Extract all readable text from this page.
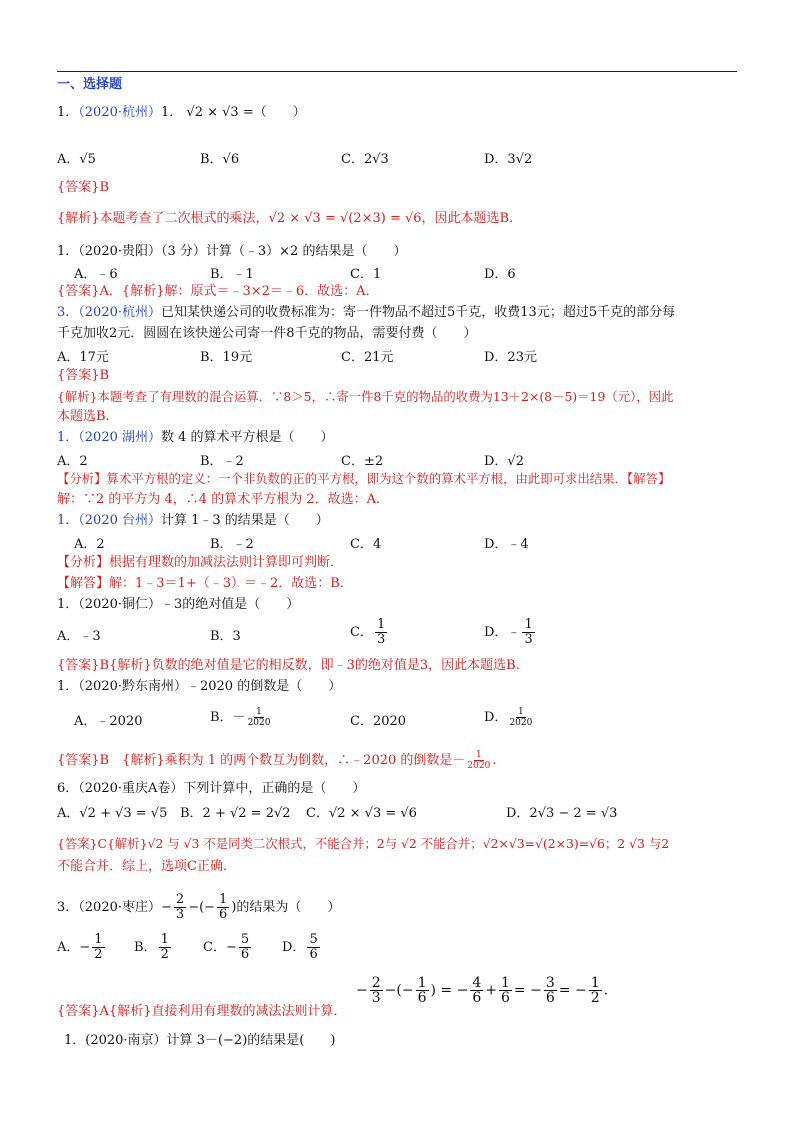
一、选择题
1．（2020·杭州）1． √2 × √3 =（　　）
A．√5	B．√6	C．2√3	D．3√2
{答案}B
{解析}本题考查了二次根式的乘法，√2 × √3 = √(2×3) = √6，因此本题选B.
1．（2020·贵阳）（3 分）计算（﹣3）×2 的结果是（　　）
A．﹣6	B．﹣1	C．1	D．6
{答案}A．{解析}解：原式＝﹣3×2＝﹣6．故选：A．
3．（2020·杭州）已知某快递公司的收费标准为：寄一件物品不超过5千克，收费13元；超过5千克的部分每
千克加收2元．圆圆在该快递公司寄一件8千克的物品，需要付费（　　）
A．17元	B．19元	C．21元	D．23元
{答案}B
{解析}本题考查了有理数的混合运算．∵8＞5，∴寄一件8千克的物品的收费为13＋2×(8－5)＝19（元），因此
本题选B.
1．（2020 湖州）数 4 的算术平方根是（　　）
A．2	B．﹣2	C．±2	D．√2
【分析】算术平方根的定义：一个非负数的正的平方根，即为这个数的算术平方根，由此即可求出结果．【解答】
解：∵2 的平方为 4，∴4 的算术平方根为 2．故选：A．
1．（2020 台州）计算 1﹣3 的结果是（　　）
A．2	B．﹣2	C．4	D．﹣4
【分析】根据有理数的加减法法则计算即可判断．
【解答】解：1﹣3＝1+（﹣3）＝﹣2．故选：B．
1．（2020·铜仁）﹣3的绝对值是（　　）
A．﹣3	B．3	C． $\frac{1}{3}$	D．﹣ $\frac{1}{3}$
{答案}B{解析}负数的绝对值是它的相反数，即﹣3的绝对值是3，因此本题选B.
1．（2020·黔东南州）﹣2020 的倒数是（　　）
A．﹣2020	B．－ $\frac{1}{2020}$	C．2020	D． $\frac{1}{2020}$
{答案}B　{解析}乘积为 1 的两个数互为倒数，∴﹣2020 的倒数是－ $\frac{1}{2020}$ .
6．（2020·重庆A卷）下列计算中，正确的是（　　）
A．√2 + √3 = √5 B．2 + √2 = 2√2 C．√2 × √3 = √6	D．2√3 − 2 = √3
{答案}C{解析}√2 与 √3 不是同类二次根式，不能合并；2与 √2 不能合并；√2×√3=√(2×3)=√6；2 √3 与2
不能合并．综上，选项C正确．
3．（2020·枣庄）− $\frac{2}{3}$ −(− $\frac{1}{6}$ )的结果为（　　）
A．− $\frac{1}{2}$ B． $\frac{1}{2}$ C．− $\frac{5}{6}$ D． $\frac{5}{6}$
{答案}A{解析}直接利用有理数的减法法则计算．
− $\frac{2}{3}$ −(− $\frac{1}{6}$ ) = − $\frac{4}{6} + \frac{1}{6}$ = − $\frac{3}{6}$ = − $\frac{1}{2}$ .
1．(2020·南京）计算 3－(−2)的结果是(　　)
